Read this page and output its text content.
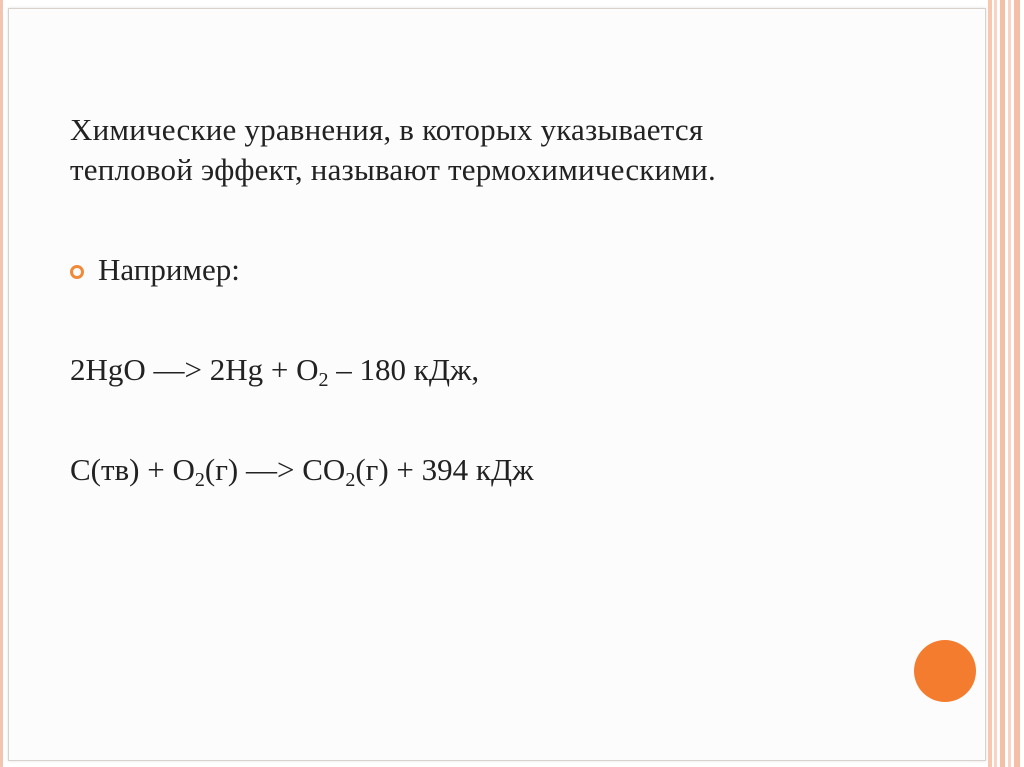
Химические уравнения, в которых указывается
тепловой эффект, называют термохимическими.

Например:
2HgO —> $2Hg + O_2 - 180$ кДж,
$C(тв) + O_2(г)$ —> $CO_2(г) + 394$ кДж
